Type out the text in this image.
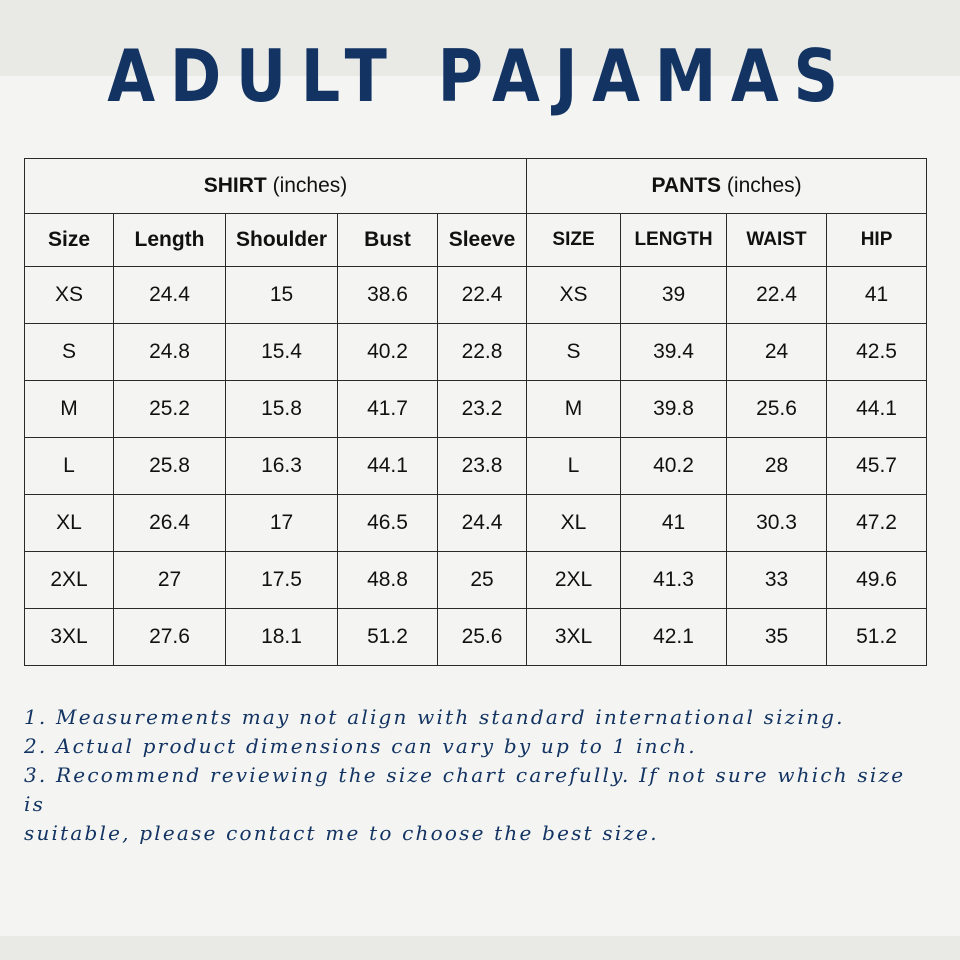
ADULT PAJAMAS
SHIRT (inches)					PANTS (inches)			
Size	Length	Shoulder	Bust	Sleeve	SIZE	LENGTH	WAIST	HIP
XS	24.4	15	38.6	22.4	XS	39	22.4	41
S	24.8	15.4	40.2	22.8	S	39.4	24	42.5
M	25.2	15.8	41.7	23.2	M	39.8	25.6	44.1
L	25.8	16.3	44.1	23.8	L	40.2	28	45.7
XL	26.4	17	46.5	24.4	XL	41	30.3	47.2
2XL	27	17.5	48.8	25	2XL	41.3	33	49.6
3XL	27.6	18.1	51.2	25.6	3XL	42.1	35	51.2
1. Measurements may not align with standard international sizing.
2. Actual product dimensions can vary by up to 1 inch.
3. Recommend reviewing the size chart carefully. If not sure which size is
suitable, please contact me to choose the best size.
